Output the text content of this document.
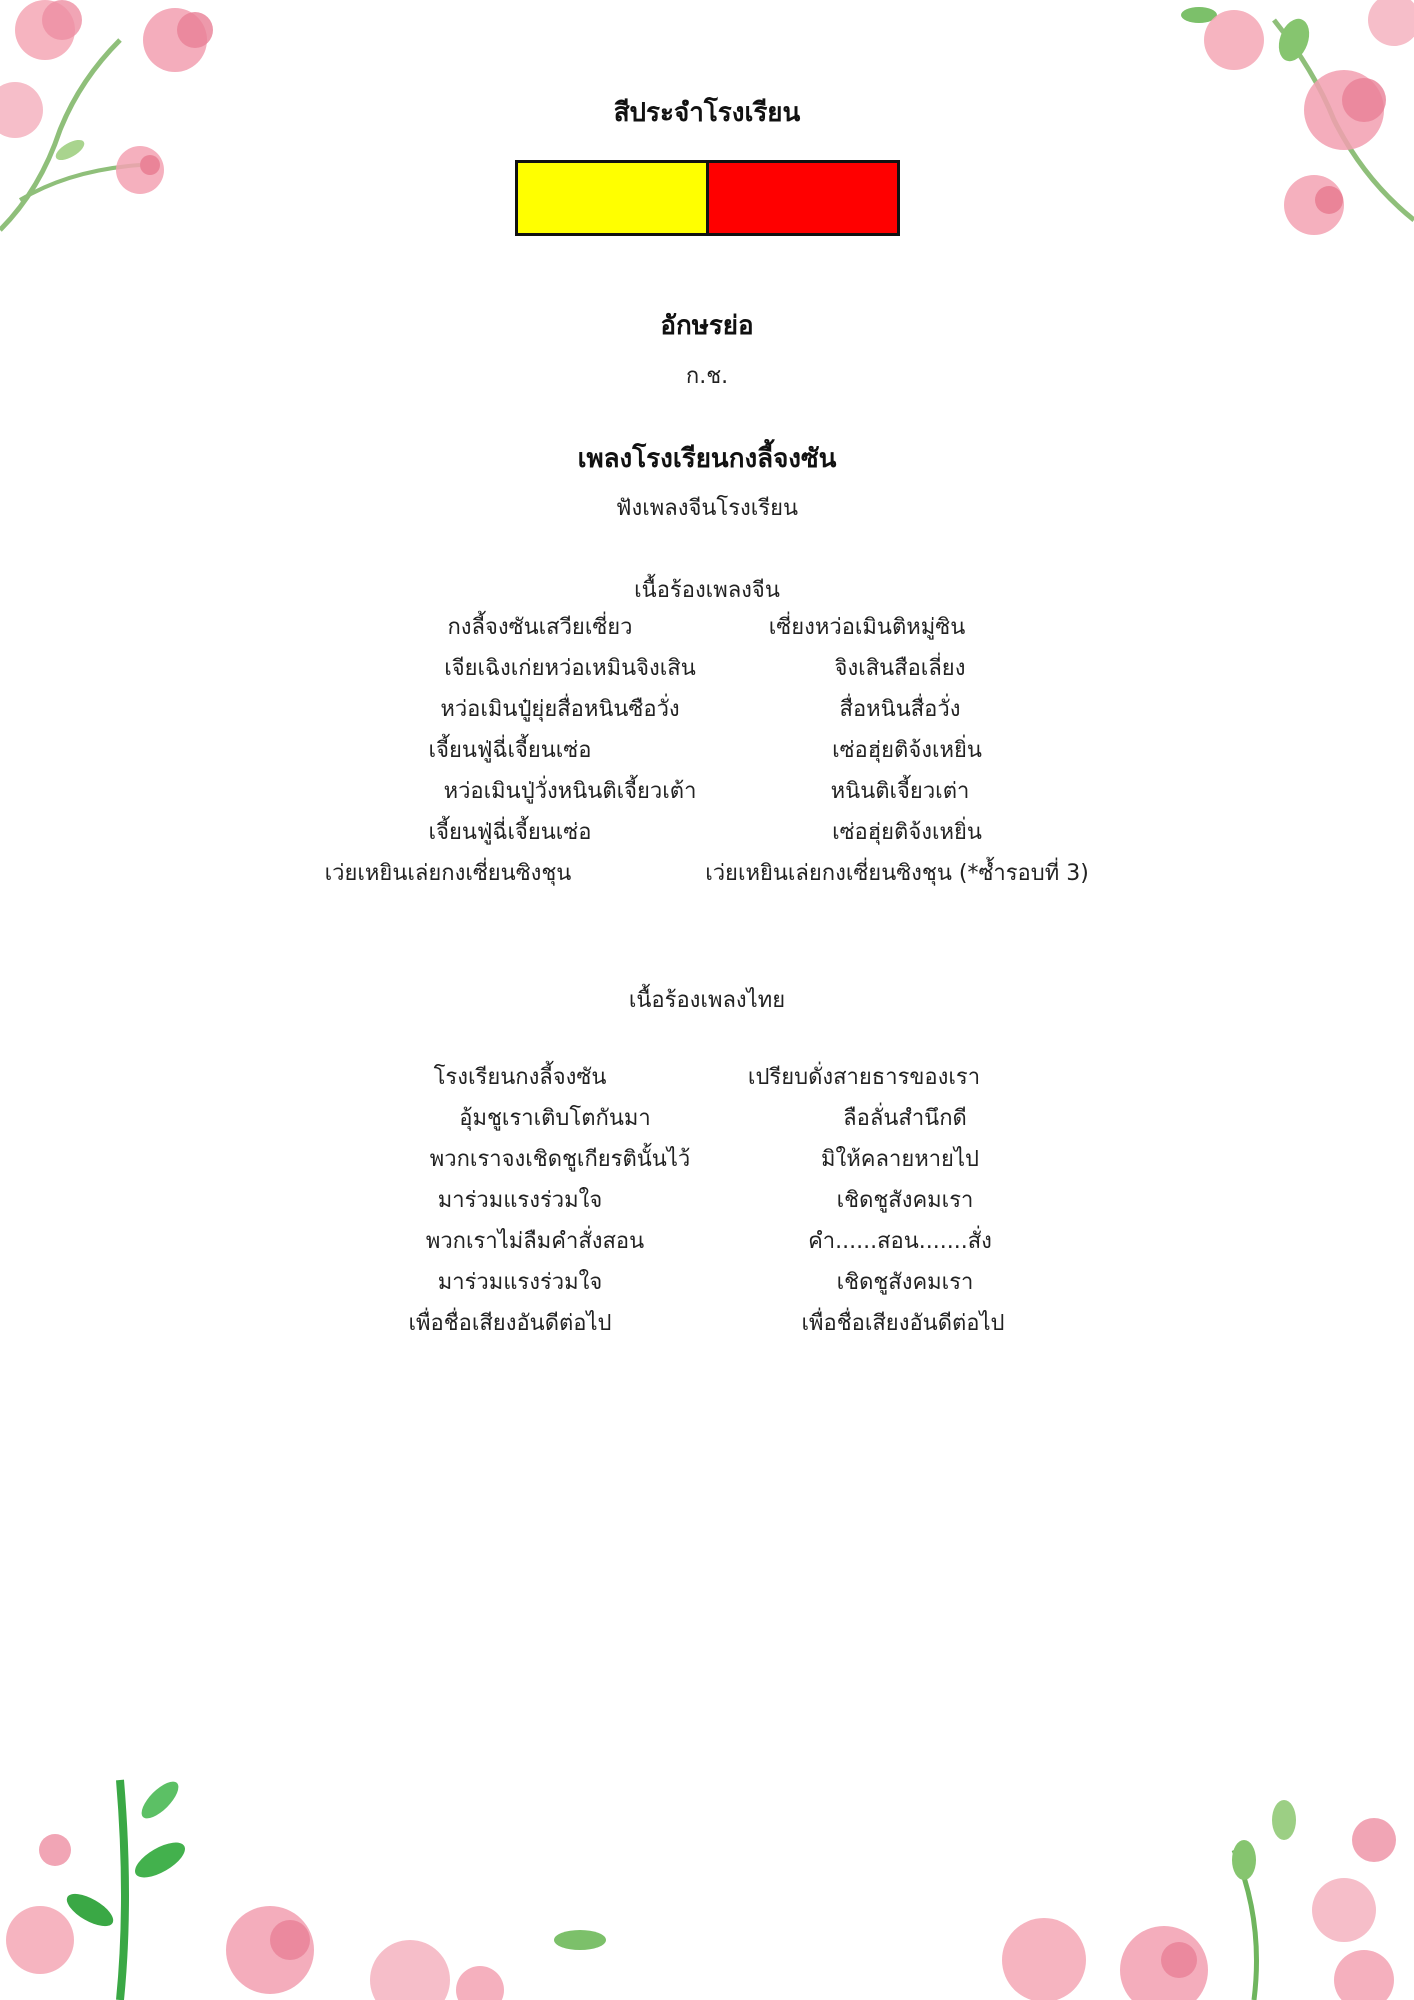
สีประจำโรงเรียน
อักษรย่อ
ก.ช.
เพลงโรงเรียนกงลี้จงซัน
ฟังเพลงจีนโรงเรียน
เนื้อร้องเพลงจีน
กงลี้จงซันเสวียเซี่ยว
เจียเฉิงเก่ยหว่อเหมินจิงเสิน
หว่อเมินปู๋ยุ่ยสื่อหนินซือวั่ง
เจี้ยนฟู่ฉี่เจี้ยนเซ่อ
หว่อเมินปู่วั่งหนินติเจี้ยวเต้า
เจี้ยนฟู่ฉี่เจี้ยนเซ่อ
เว่ยเหยินเล่ยกงเซี่ยนซิงชุน
เซี่ยงหว่อเมินติหมู่ซิน
จิงเสินสือเลี่ยง
สื่อหนินสื่อวั่ง
เซ่อฮุ่ยติจ้งเหยิ่น
หนินติเจี้ยวเต่า
เซ่อฮุ่ยติจ้งเหยิ่น
เว่ยเหยินเล่ยกงเซี่ยนซิงชุน (*ซ้ำรอบที่ 3)
เนื้อร้องเพลงไทย
โรงเรียนกงลี้จงซัน
อุ้มชูเราเติบโตกันมา
พวกเราจงเชิดชูเกียรตินั้นไว้
มาร่วมแรงร่วมใจ
พวกเราไม่ลืมคำสั่งสอน
มาร่วมแรงร่วมใจ
เพื่อชื่อเสียงอันดีต่อไป
เปรียบดั่งสายธารของเรา
ลือลั่นสำนึกดี
มิให้คลายหายไป
เชิดชูสังคมเรา
คำ......สอน.......สั่ง
เชิดชูสังคมเรา
เพื่อชื่อเสียงอันดีต่อไป
